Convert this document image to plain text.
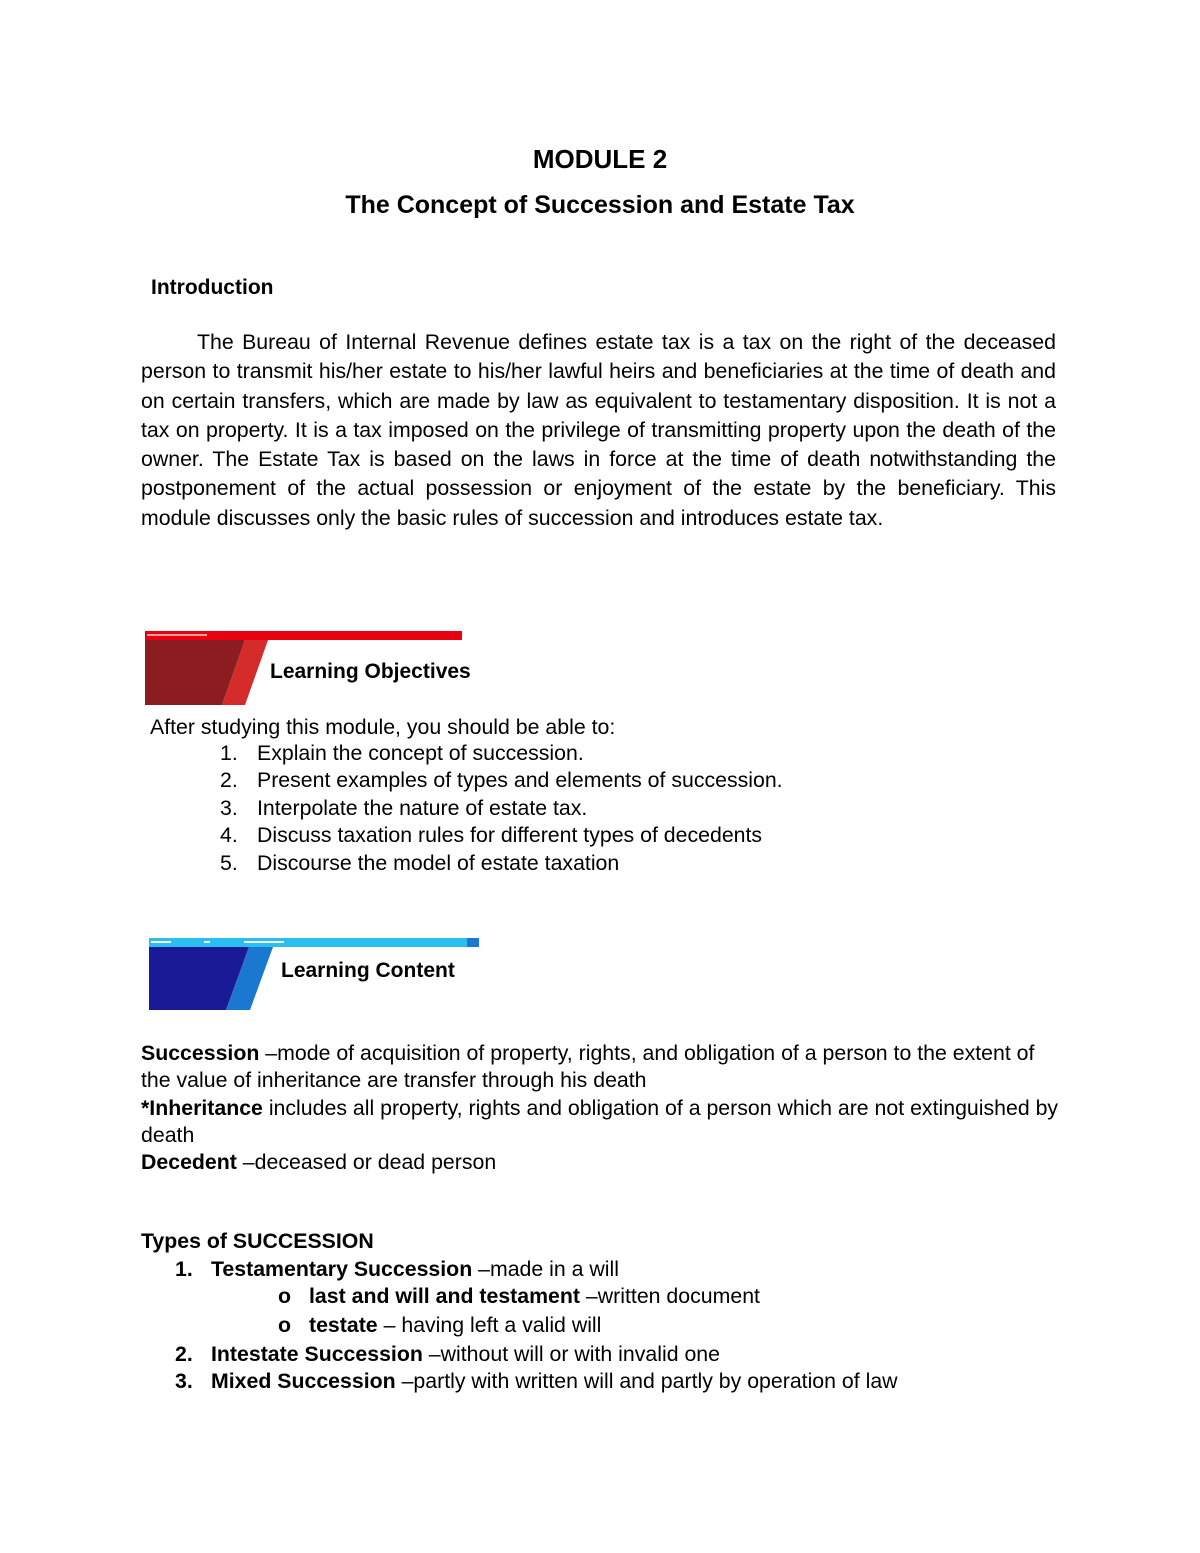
MODULE 2
The Concept of Succession and Estate Tax
Introduction
The Bureau of Internal Revenue defines estate tax is a tax on the right of the deceased person to transmit his/her estate to his/her lawful heirs and beneficiaries at the time of death and on certain transfers, which are made by law as equivalent to testamentary disposition. It is not a tax on property. It is a tax imposed on the privilege of transmitting property upon the death of the owner. The Estate Tax is based on the laws in force at the time of death notwithstanding the postponement of the actual possession or enjoyment of the estate by the beneficiary. This module discusses only the basic rules of succession and introduces estate tax.
Learning Objectives
After studying this module, you should be able to:
1. Explain the concept of succession.
2. Present examples of types and elements of succession.
3. Interpolate the nature of estate tax.
4. Discuss taxation rules for different types of decedents
5. Discourse the model of estate taxation
Learning Content
Succession –mode of acquisition of property, rights, and obligation of a person to the extent of the value of inheritance are transfer through his death
*Inheritance includes all property, rights and obligation of a person which are not extinguished by death
Decedent –deceased or dead person
Types of SUCCESSION
1. Testamentary Succession –made in a will
o last and will and testament –written document
o testate – having left a valid will
2. Intestate Succession –without will or with invalid one
3. Mixed Succession –partly with written will and partly by operation of law
